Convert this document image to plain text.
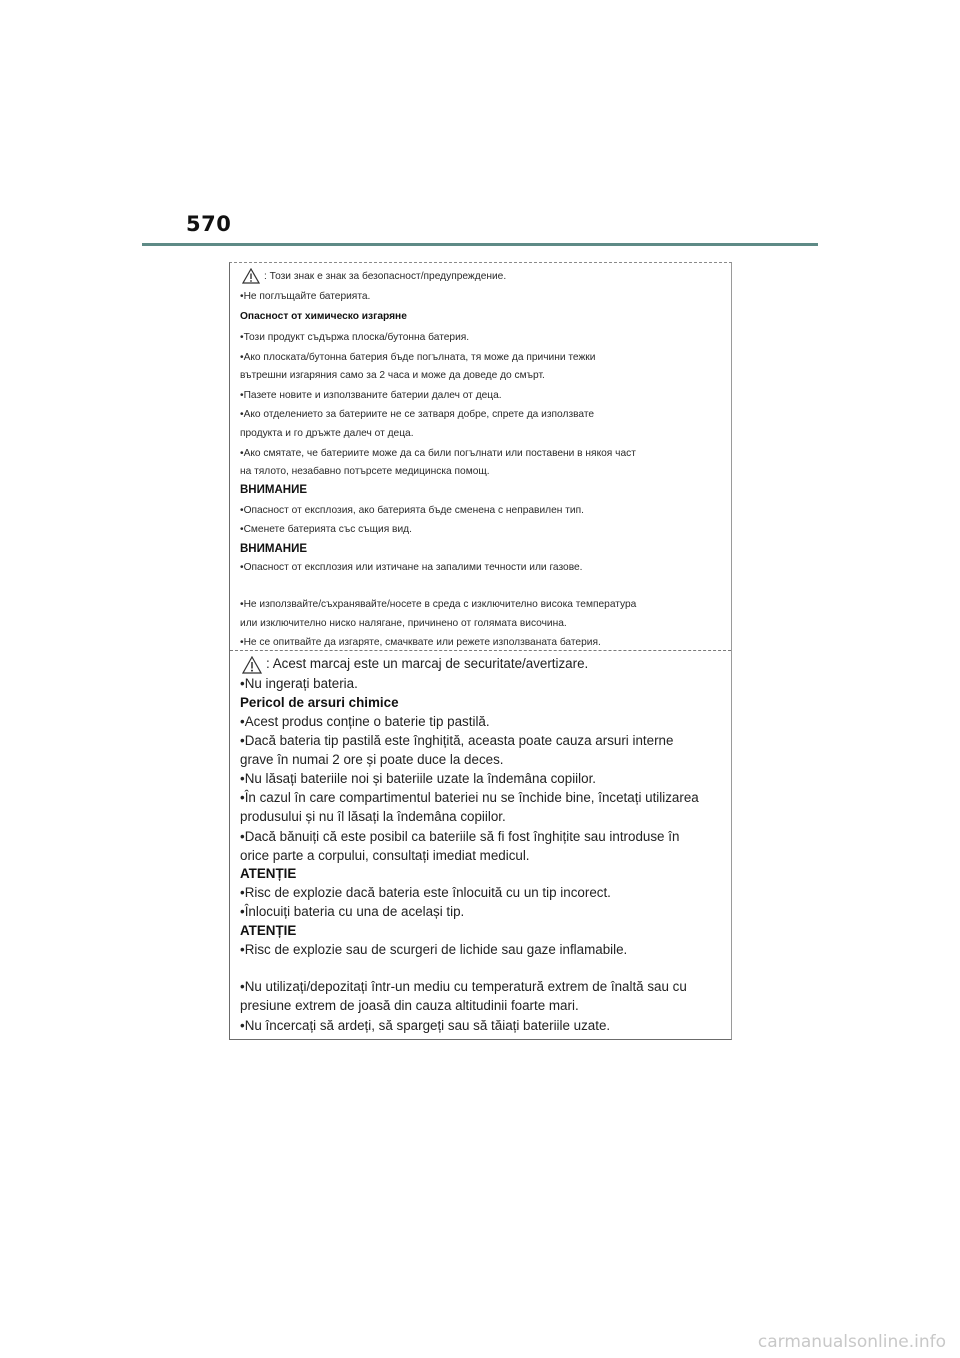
570
: Този знак е знак за безопасност/предупреждение.
•Не поглъщайте батерията.
Опасност от химическо изгаряне
•Този продукт съдържа плоска/бутонна батерия.
•Ако плоската/бутонна батерия бъде погълната, тя може да причини тежки
вътрешни изгаряния само за 2 часа и може да доведе до смърт.
•Пазете новите и използваните батерии далеч от деца.
•Ако отделението за батериите не се затваря добре, спрете да използвате
продукта и го дръжте далеч от деца.
•Ако смятате, че батериите може да са били погълнати или поставени в някоя част
на тялото, незабавно потърсете медицинска помощ.
ВНИМАНИЕ
•Опасност от експлозия, ако батерията бъде сменена с неправилен тип.
•Сменете батерията със същия вид.
ВНИМАНИЕ
•Опасност от експлозия или изтичане на запалими течности или газове.
•Не използвайте/съхранявайте/носете в среда с изключително висока температура
или изключително ниско налягане, причинено от голямата височина.
•Не се опитвайте да изгаряте, смачквате или режете използваната батерия.
: Acest marcaj este un marcaj de securitate/avertizare.
•Nu ingerați bateria.
Pericol de arsuri chimice
•Acest produs conține o baterie tip pastilă.
•Dacă bateria tip pastilă este înghițită, aceasta poate cauza arsuri interne
grave în numai 2 ore și poate duce la deces.
•Nu lăsați bateriile noi și bateriile uzate la îndemâna copiilor.
•În cazul în care compartimentul bateriei nu se închide bine, încetați utilizarea
produsului și nu îl lăsați la îndemâna copiilor.
•Dacă bănuiți că este posibil ca bateriile să fi fost înghițite sau introduse în
orice parte a corpului, consultați imediat medicul.
ATENȚIE
•Risc de explozie dacă bateria este înlocuită cu un tip incorect.
•Înlocuiți bateria cu una de același tip.
ATENȚIE
•Risc de explozie sau de scurgeri de lichide sau gaze inflamabile.
•Nu utilizați/depozitați într-un mediu cu temperatură extrem de înaltă sau cu
presiune extrem de joasă din cauza altitudinii foarte mari.
•Nu încercați să ardeți, să spargeți sau să tăiați bateriile uzate.
carmanualsonline.info
